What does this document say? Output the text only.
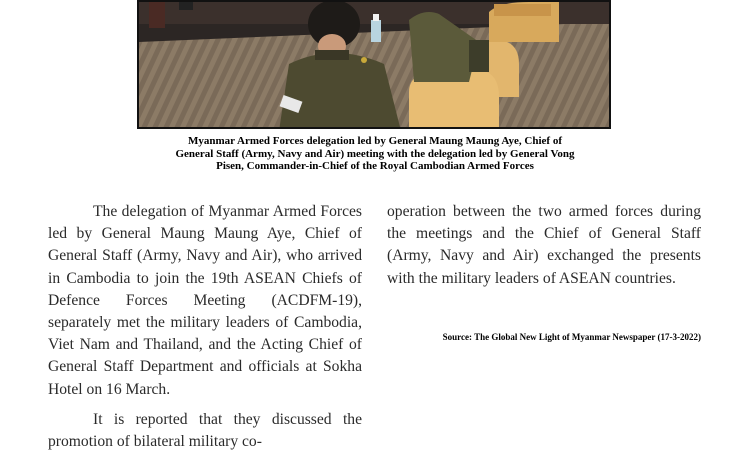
Myanmar Armed Forces delegation led by General Maung Maung Aye, Chief of
General Staff (Army, Navy and Air) meeting with the delegation led by General Vong
Pisen, Commander-in-Chief of the Royal Cambodian Armed Forces

The delegation of Myanmar Armed Forces led by General Maung Maung Aye, Chief of General Staff (Army, Navy and Air), who arrived in Cambodia to join the 19th ASEAN Chiefs of Defence Forces Meeting (ACDFM-19), separately met the military leaders of Cambodia, Viet Nam and Thailand, and the Acting Chief of General Staff Department and officials at Sokha Hotel on 16 March.

It is reported that they discussed the promotion of bilateral military co-

operation between the two armed forces during the meetings and the Chief of General Staff (Army, Navy and Air) exchanged the presents with the military leaders of ASEAN countries.

Source: The Global New Light of Myanmar Newspaper (17-3-2022)
